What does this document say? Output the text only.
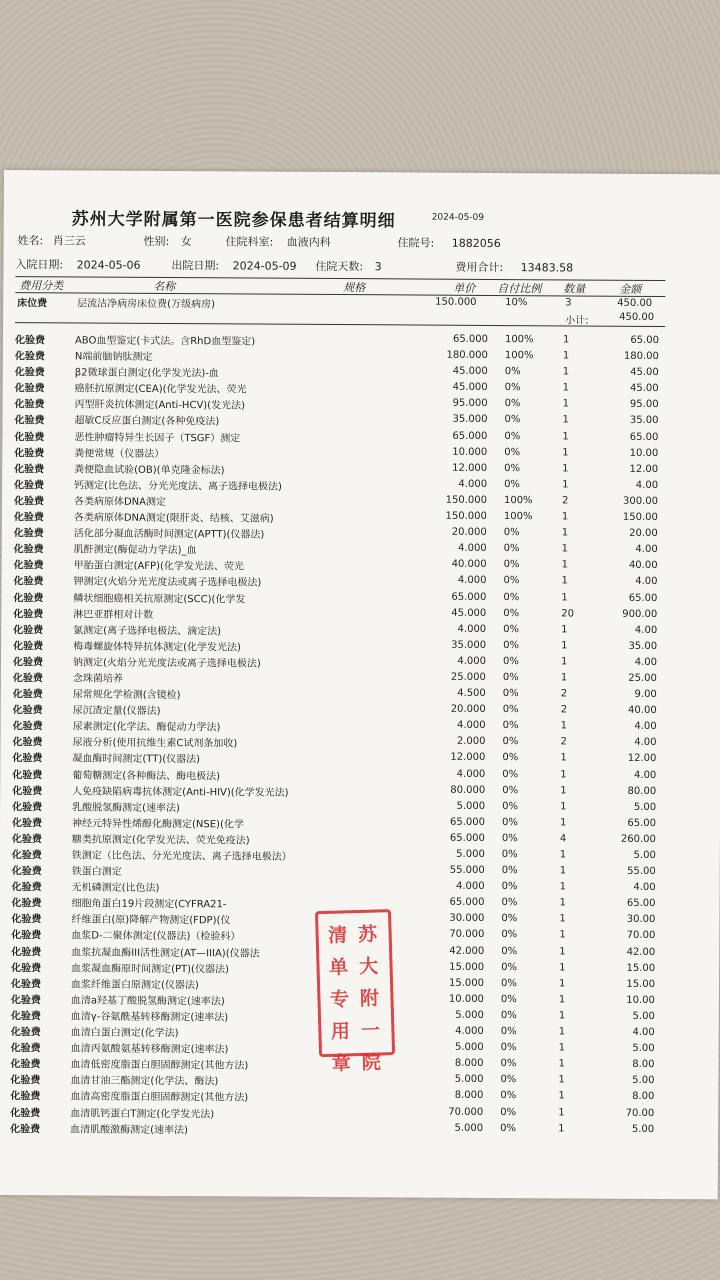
苏州大学附属第一医院参保患者结算明细	2024-05-09
姓名: 肖三云	性别: 女	住院科室: 血液内科	住院号: 1882056
入院日期: 2024-05-06	出院日期: 2024-05-09 住院天数: 3	费用合计: 13483.58
费用分类	名称	规格	单价 自付比例 数量	金额
床位费	层流洁净病房床位费(万级病房)	150.000	10%	3	450.00
小计:	450.00
化验费	ABO血型鉴定(卡式法。含RhD血型鉴定)	65.000 100%	1	65.00
化验费	N端前脑钠肽测定	180.000 100%	1	180.00
化验费	β2微球蛋白测定(化学发光法)-血	45.000 0%	1	45.00
化验费	癌胚抗原测定(CEA)(化学发光法、荧光	45.000 0%	1	45.00
化验费	丙型肝炎抗体测定(Anti-HCV)(发光法)	95.000 0%	1	95.00
化验费	超敏C反应蛋白测定(各种免疫法)	35.000 0%	1	35.00
化验费	恶性肿瘤特异生长因子（TSGF）测定	65.000 0%	1	65.00
化验费	粪便常规（仪器法）	10.000 0%	1	10.00
化验费	粪便隐血试验(OB)(单克隆金标法)	12.000 0%	1	12.00
化验费	钙测定(比色法、分光光度法、离子选择电极法)	4.000 0%	1	4.00
化验费	各类病原体DNA测定	150.000 100%	2	300.00
化验费	各类病原体DNA测定(限肝炎、结核、艾滋病)	150.000 100%	1	150.00
化验费	活化部分凝血活酶时间测定(APTT)(仪器法)	20.000 0%	1	20.00
化验费	肌酐测定(酶促动力学法)_血	4.000 0%	1	4.00
化验费	甲胎蛋白测定(AFP)(化学发光法、荧光	40.000 0%	1	40.00
化验费	钾测定(火焰分光光度法或离子选择电极法)	4.000 0%	1	4.00
化验费	鳞状细胞癌相关抗原测定(SCC)(化学发	65.000 0%	1	65.00
化验费	淋巴亚群相对计数	45.000 0%	20	900.00
化验费	氯测定(离子选择电极法、滴定法)	4.000 0%	1	4.00
化验费	梅毒螺旋体特异抗体测定(化学发光法)	35.000 0%	1	35.00
化验费	钠测定(火焰分光光度法或离子选择电极法)	4.000 0%	1	4.00
化验费	念珠菌培养	25.000 0%	1	25.00
化验费	尿常规化学检测(含镜检)	4.500 0%	2	9.00
化验费	尿沉渣定量(仪器法)	20.000 0%	2	40.00
化验费	尿素测定(化学法、酶促动力学法)	4.000 0%	1	4.00
化验费	尿液分析(使用抗维生素C试剂条加收)	2.000 0%	2	4.00
化验费	凝血酶时间测定(TT)(仪器法)	12.000 0%	1	12.00
化验费	葡萄糖测定(各种酶法、酶电极法)	4.000 0%	1	4.00
化验费	人免疫缺陷病毒抗体测定(Anti-HIV)(化学发光法)	80.000 0%	1	80.00
化验费	乳酸脱氢酶测定(速率法)	5.000 0%	1	5.00
化验费	神经元特异性烯醇化酶测定(NSE)(化学	65.000 0%	1	65.00
化验费	糖类抗原测定(化学发光法、荧光免疫法)	65.000 0%	4	260.00
化验费	铁测定（比色法、分光光度法、离子选择电极法）	5.000 0%	1	5.00
化验费	铁蛋白测定	55.000 0%	1	55.00
化验费	无机磷测定(比色法)	4.000 0%	1	4.00
化验费	细胞角蛋白19片段测定(CYFRA21-	65.000 0%	1	65.00
化验费	纤维蛋白(原)降解产物测定(FDP)(仪	30.000 0%	1	30.00
化验费	血浆D-二聚体测定(仪器法)（检验科）	70.000 0%	1	70.00
化验费	血浆抗凝血酶III活性测定(AT—IIIA)(仪器法	42.000 0%	1	42.00
化验费	血浆凝血酶原时间测定(PT)(仪器法)	15.000 0%	1	15.00
化验费	血浆纤维蛋白原测定(仪器法)	15.000 0%	1	15.00
化验费	血清a羟基丁酸脱氢酶测定(速率法)	10.000 0%	1	10.00
化验费	血清γ-谷氨酰基转移酶测定(速率法)	5.000 0%	1	5.00
化验费	血清白蛋白测定(化学法)	4.000 0%	1	4.00
化验费	血清丙氨酸氨基转移酶测定(速率法)	5.000 0%	1	5.00
化验费	血清低密度脂蛋白胆固醇测定(其他方法)	8.000 0%	1	8.00
化验费	血清甘油三酯测定(化学法、酶法)	5.000 0%	1	5.00
化验费	血清高密度脂蛋白胆固醇测定(其他方法)	8.000 0%	1	8.00
化验费	血清肌钙蛋白T测定(化学发光法)	70.000 0%	1	70.00
化验费	血清肌酸激酶测定(速率法)	5.000 0%	1	5.00
清
单
专
用
章
苏
大
附
一
院
